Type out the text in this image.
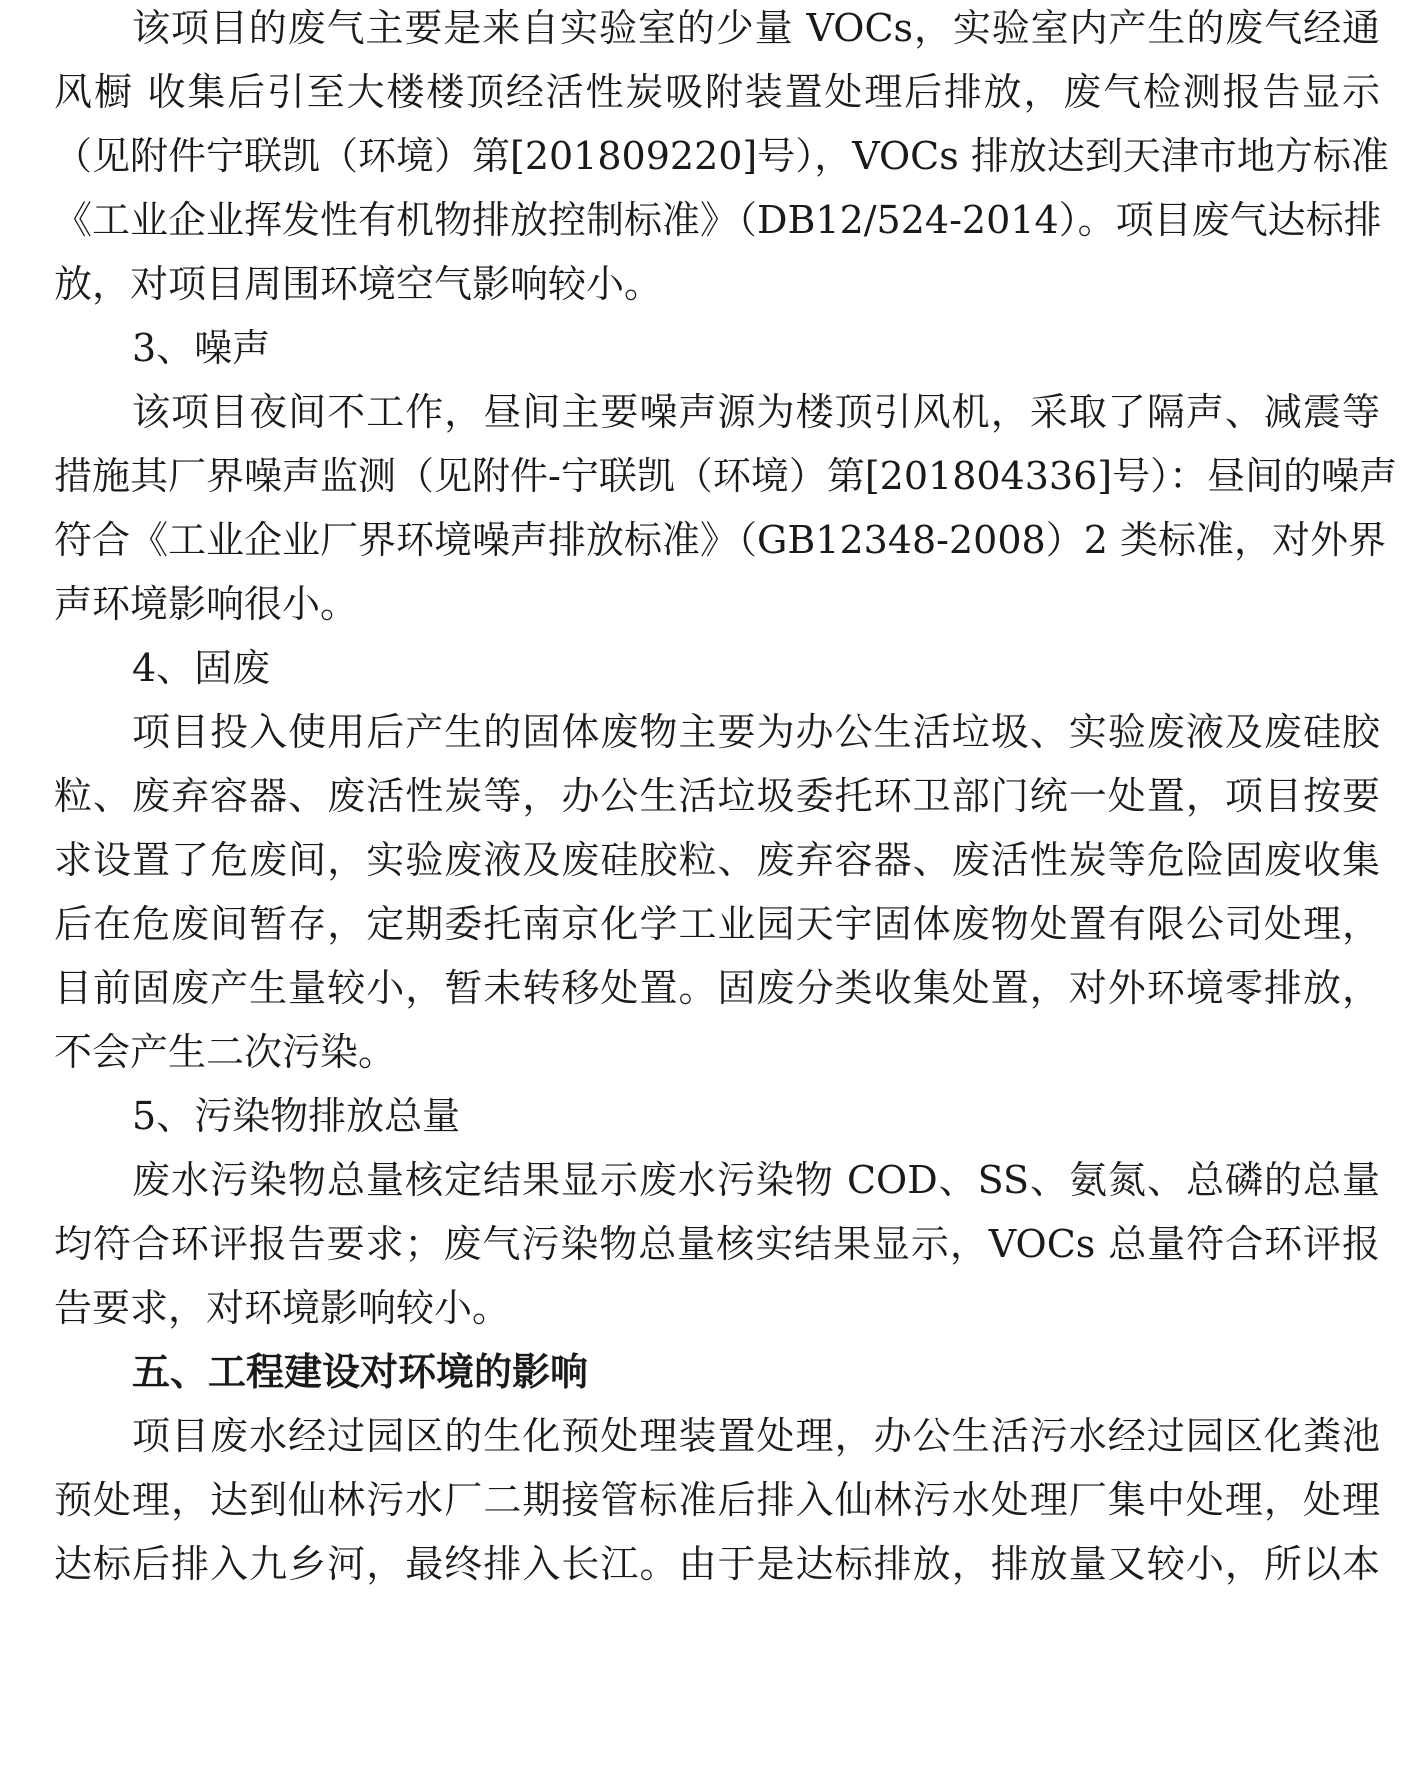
该项目的废气主要是来自实验室的少量 VOCs，实验室内产生的废气经通
风橱 收集后引至大楼楼顶经活性炭吸附装置处理后排放，废气检测报告显示
（见附件宁联凯（环境）第[201809220]号），VOCs 排放达到天津市地方标准
《工业企业挥发性有机物排放控制标准》（DB12/524-2014）。项目废气达标排
放，对项目周围环境空气影响较小。
3、噪声
该项目夜间不工作，昼间主要噪声源为楼顶引风机，采取了隔声、减震等
措施其厂界噪声监测（见附件-宁联凯（环境）第[201804336]号）：昼间的噪声
符合《工业企业厂界环境噪声排放标准》（GB12348-2008）2 类标准，对外界
声环境影响很小。
4、固废
项目投入使用后产生的固体废物主要为办公生活垃圾、实验废液及废硅胶
粒、废弃容器、废活性炭等，办公生活垃圾委托环卫部门统一处置，项目按要
求设置了危废间，实验废液及废硅胶粒、废弃容器、废活性炭等危险固废收集
后在危废间暂存，定期委托南京化学工业园天宇固体废物处置有限公司处理，
目前固废产生量较小，暂未转移处置。固废分类收集处置，对外环境零排放，
不会产生二次污染。
5、污染物排放总量
废水污染物总量核定结果显示废水污染物 COD、SS、氨氮、总磷的总量
均符合环评报告要求；废气污染物总量核实结果显示，VOCs 总量符合环评报
告要求，对环境影响较小。
五、工程建设对环境的影响
项目废水经过园区的生化预处理装置处理，办公生活污水经过园区化粪池
预处理，达到仙林污水厂二期接管标准后排入仙林污水处理厂集中处理，处理
达标后排入九乡河，最终排入长江。由于是达标排放，排放量又较小，所以本
